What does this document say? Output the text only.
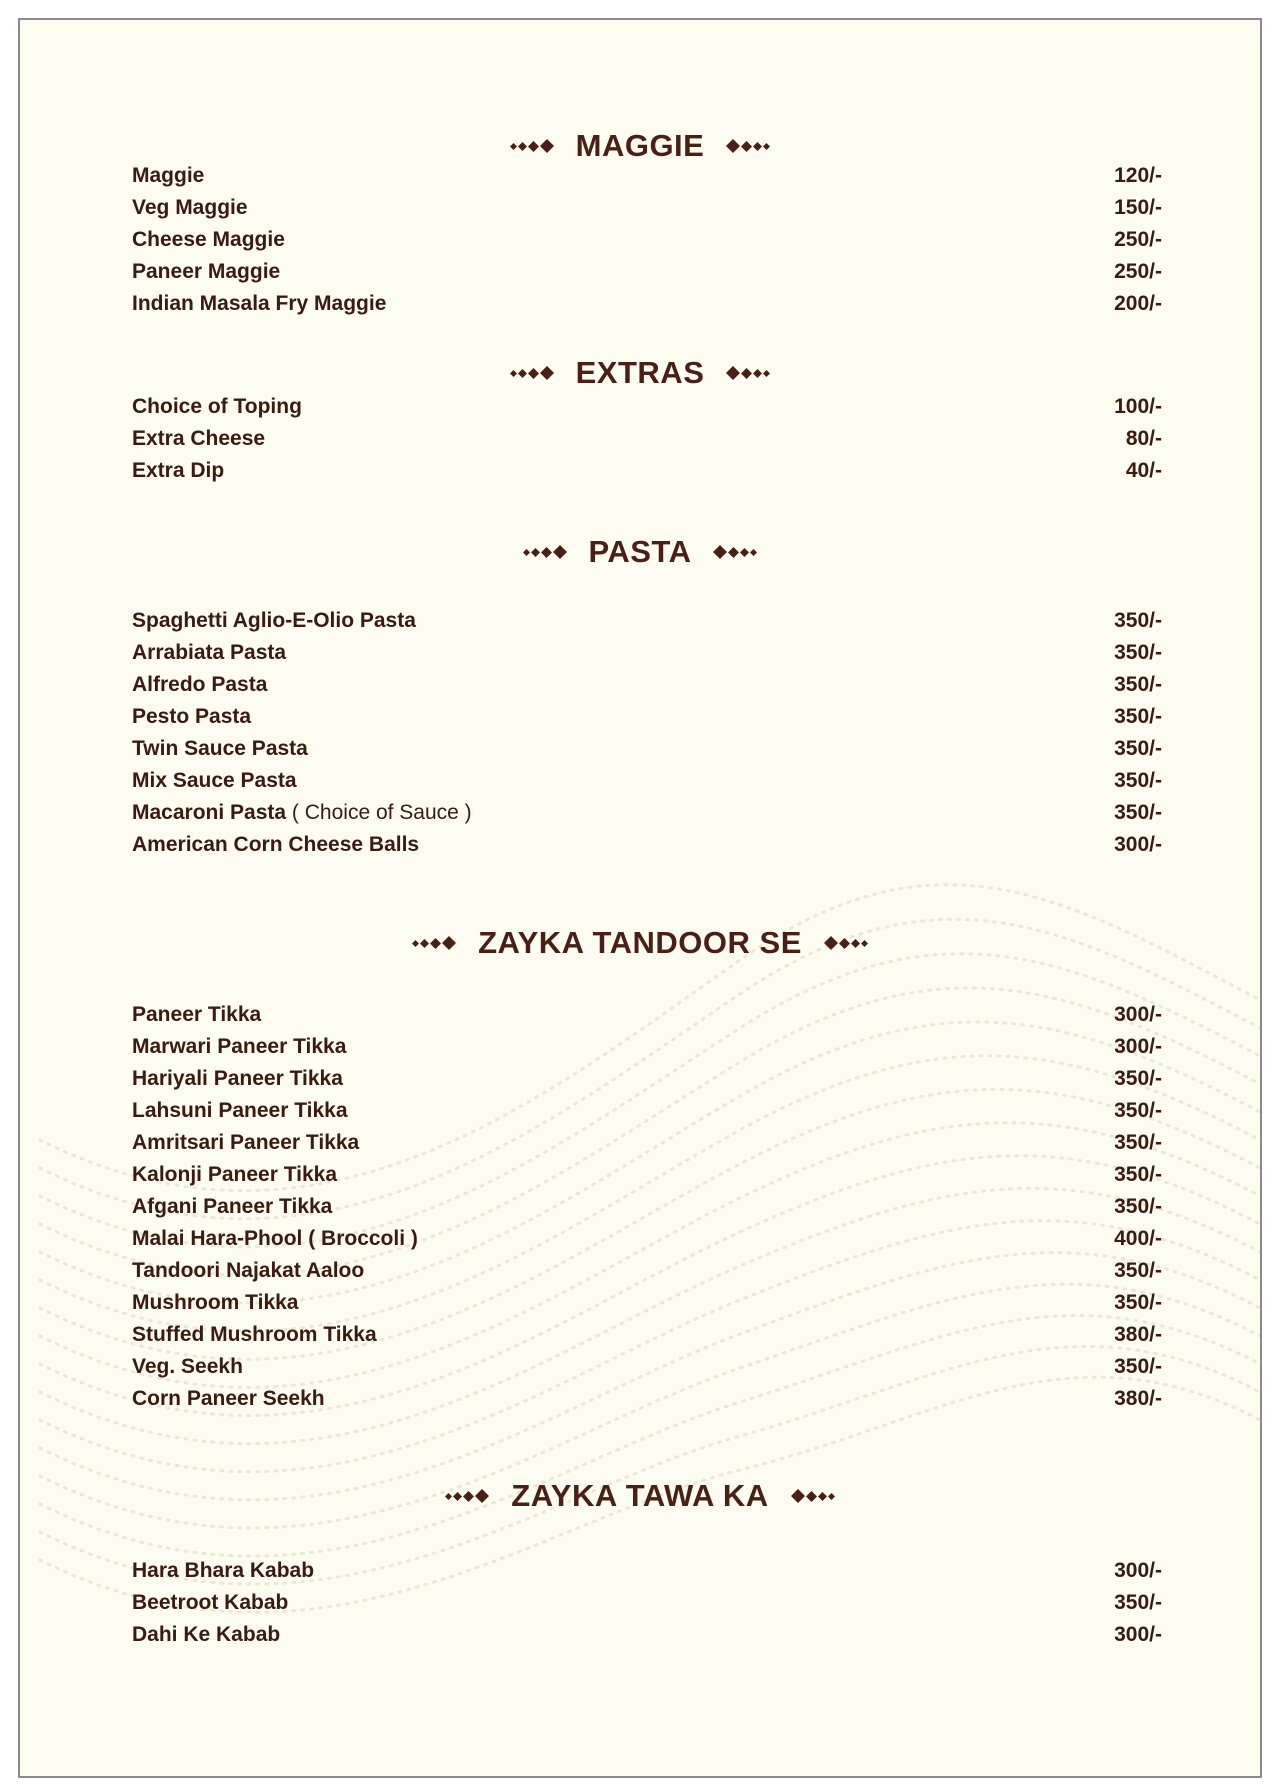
MAGGIE
Maggie	120/-
Veg Maggie	150/-
Cheese Maggie	250/-
Paneer Maggie	250/-
Indian Masala Fry Maggie	200/-
EXTRAS
Choice of Toping	100/-
Extra Cheese	80/-
Extra Dip	40/-
PASTA
Spaghetti Aglio-E-Olio Pasta	350/-
Arrabiata Pasta	350/-
Alfredo Pasta	350/-
Pesto Pasta	350/-
Twin Sauce Pasta	350/-
Mix Sauce Pasta	350/-
Macaroni Pasta ( Choice of Sauce )	350/-
American Corn Cheese Balls	300/-
ZAYKA TANDOOR SE
Paneer Tikka	300/-
Marwari Paneer Tikka	300/-
Hariyali Paneer Tikka	350/-
Lahsuni Paneer Tikka	350/-
Amritsari Paneer Tikka	350/-
Kalonji Paneer Tikka	350/-
Afgani Paneer Tikka	350/-
Malai Hara-Phool ( Broccoli )	400/-
Tandoori Najakat Aaloo	350/-
Mushroom Tikka	350/-
Stuffed Mushroom Tikka	380/-
Veg. Seekh	350/-
Corn Paneer Seekh	380/-
ZAYKA TAWA KA
Hara Bhara Kabab	300/-
Beetroot Kabab	350/-
Dahi Ke Kabab	300/-
